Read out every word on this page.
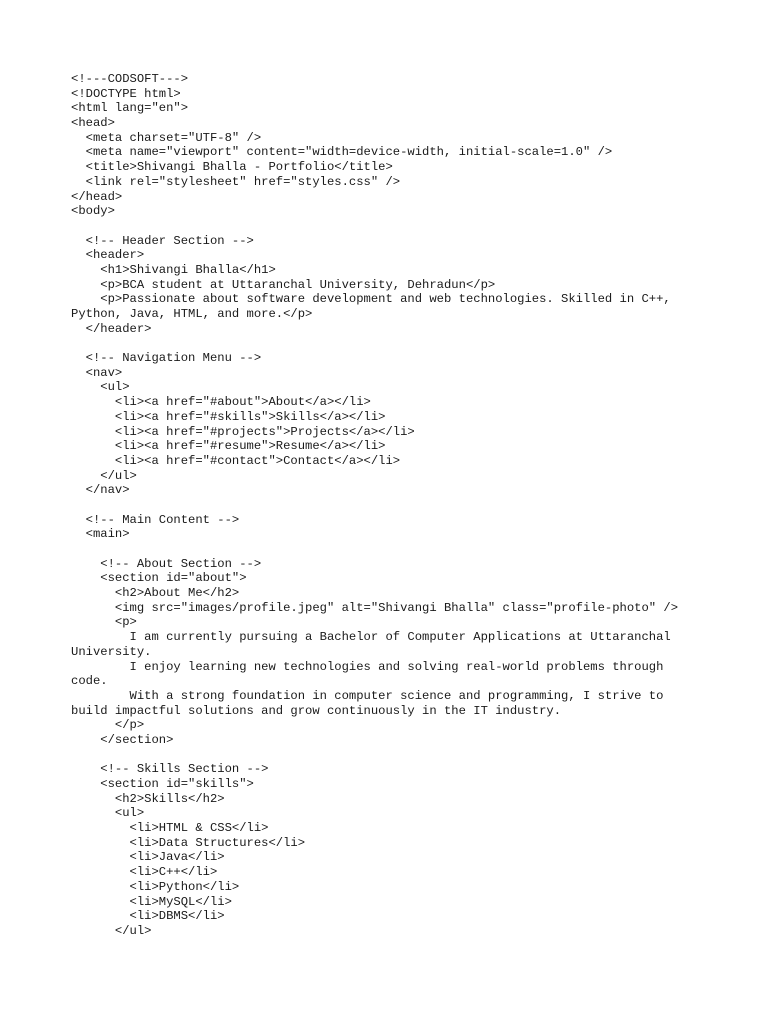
<!---CODSOFT--->
<!DOCTYPE html>
<html lang="en">
<head>
<meta charset="UTF-8" />
<meta name="viewport" content="width=device-width, initial-scale=1.0" />
<title>Shivangi Bhalla - Portfolio</title>
<link rel="stylesheet" href="styles.css" />
</head>
<body>
<!-- Header Section -->
<header>
<h1>Shivangi Bhalla</h1>
<p>BCA student at Uttaranchal University, Dehradun</p>
<p>Passionate about software development and web technologies. Skilled in C++,
Python, Java, HTML, and more.</p>
</header>
<!-- Navigation Menu -->
<nav>
<ul>
<li><a href="#about">About</a></li>
<li><a href="#skills">Skills</a></li>
<li><a href="#projects">Projects</a></li>
<li><a href="#resume">Resume</a></li>
<li><a href="#contact">Contact</a></li>
</ul>
</nav>
<!-- Main Content -->
<main>
<!-- About Section -->
<section id="about">
<h2>About Me</h2>
<img src="images/profile.jpeg" alt="Shivangi Bhalla" class="profile-photo" />
<p>
I am currently pursuing a Bachelor of Computer Applications at Uttaranchal
University.
I enjoy learning new technologies and solving real-world problems through
code.
With a strong foundation in computer science and programming, I strive to
build impactful solutions and grow continuously in the IT industry.
</p>
</section>
<!-- Skills Section -->
<section id="skills">
<h2>Skills</h2>
<ul>
<li>HTML & CSS</li>
<li>Data Structures</li>
<li>Java</li>
<li>C++</li>
<li>Python</li>
<li>MySQL</li>
<li>DBMS</li>
</ul>
